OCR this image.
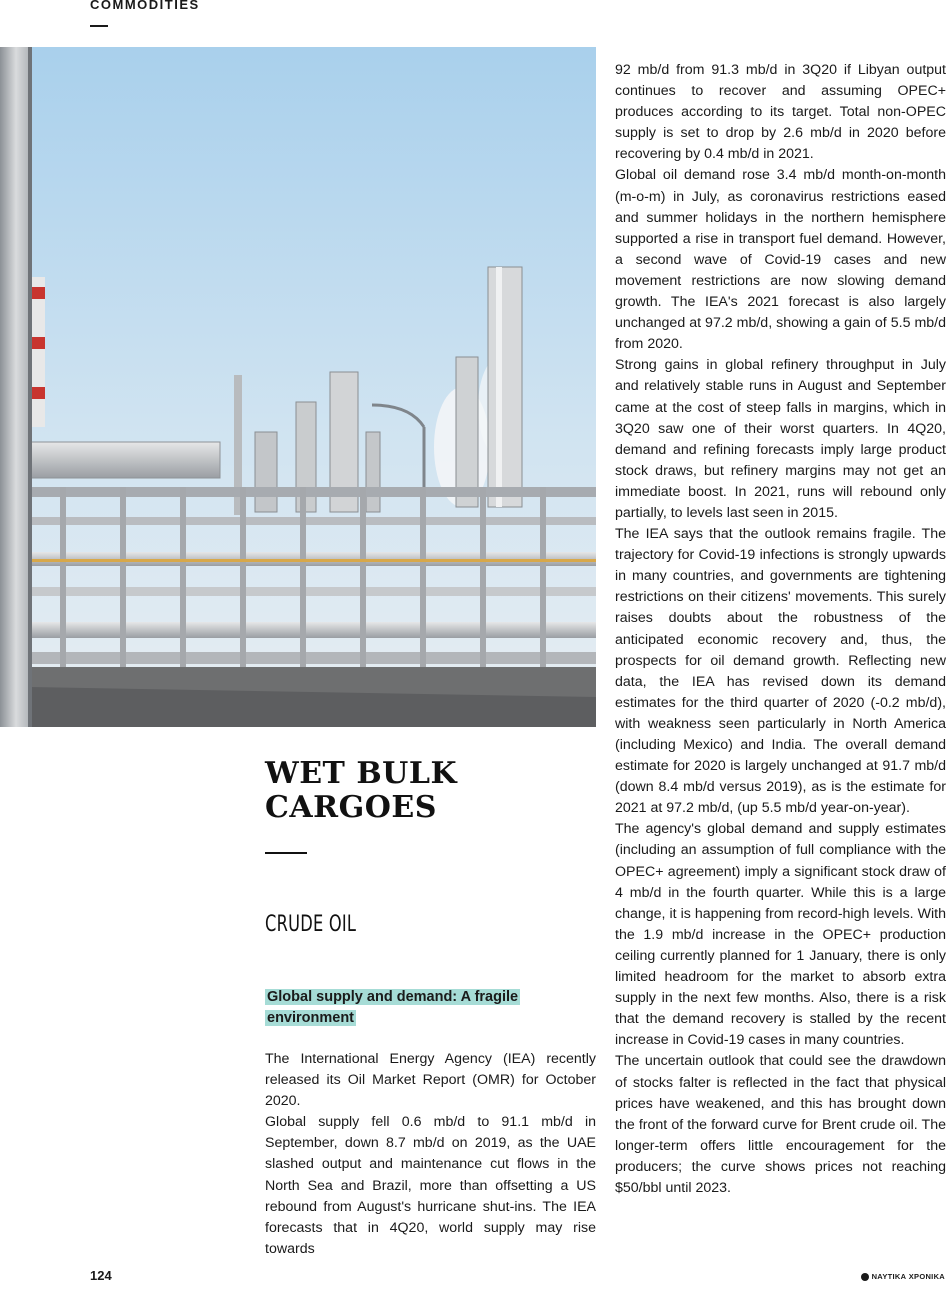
COMMODITIES
WET BULK
CARGOES
CRUDE OIL
Global supply and demand: A fragile environment

The International Energy Agency (IEA) recently released its Oil Market Report (OMR) for October 2020.

Global supply fell 0.6 mb/d to 91.1 mb/d in September, down 8.7 mb/d on 2019, as the UAE slashed output and maintenance cut flows in the North Sea and Brazil, more than offsetting a US rebound from August's hurricane shut-ins. The IEA forecasts that in 4Q20, world supply may rise towards

92 mb/d from 91.3 mb/d in 3Q20 if Libyan output continues to recover and assuming OPEC+ produces according to its target. Total non-OPEC supply is set to drop by 2.6 mb/d in 2020 before recovering by 0.4 mb/d in 2021.

Global oil demand rose 3.4 mb/d month-on-month (m-o-m) in July, as coronavirus restrictions eased and summer holidays in the northern hemisphere supported a rise in transport fuel demand. However, a second wave of Covid-19 cases and new movement restrictions are now slowing demand growth. The IEA's 2021 forecast is also largely unchanged at 97.2 mb/d, showing a gain of 5.5 mb/d from 2020.

Strong gains in global refinery throughput in July and relatively stable runs in August and September came at the cost of steep falls in margins, which in 3Q20 saw one of their worst quarters. In 4Q20, demand and refining forecasts imply large product stock draws, but refinery margins may not get an immediate boost. In 2021, runs will rebound only partially, to levels last seen in 2015.

The IEA says that the outlook remains fragile. The trajectory for Covid-19 infections is strongly upwards in many countries, and governments are tightening restrictions on their citizens' movements. This surely raises doubts about the robustness of the anticipated economic recovery and, thus, the prospects for oil demand growth. Reflecting new data, the IEA has revised down its demand estimates for the third quarter of 2020 (-0.2 mb/d), with weakness seen particularly in North America (including Mexico) and India. The overall demand estimate for 2020 is largely unchanged at 91.7 mb/d (down 8.4 mb/d versus 2019), as is the estimate for 2021 at 97.2 mb/d, (up 5.5 mb/d year-on-year).

The agency's global demand and supply estimates (including an assumption of full compliance with the OPEC+ agreement) imply a significant stock draw of 4 mb/d in the fourth quarter. While this is a large change, it is happening from record-high levels. With the 1.9 mb/d increase in the OPEC+ production ceiling currently planned for 1 January, there is only limited headroom for the market to absorb extra supply in the next few months. Also, there is a risk that the demand recovery is stalled by the recent increase in Covid-19 cases in many countries.

The uncertain outlook that could see the drawdown of stocks falter is reflected in the fact that physical prices have weakened, and this has brought down the front of the forward curve for Brent crude oil. The longer-term offers little encouragement for the producers; the curve shows prices not reaching $50/bbl until 2023.

124	ΝΑΥΤΙΚΑ ΧΡΟΝΙΚΑ
